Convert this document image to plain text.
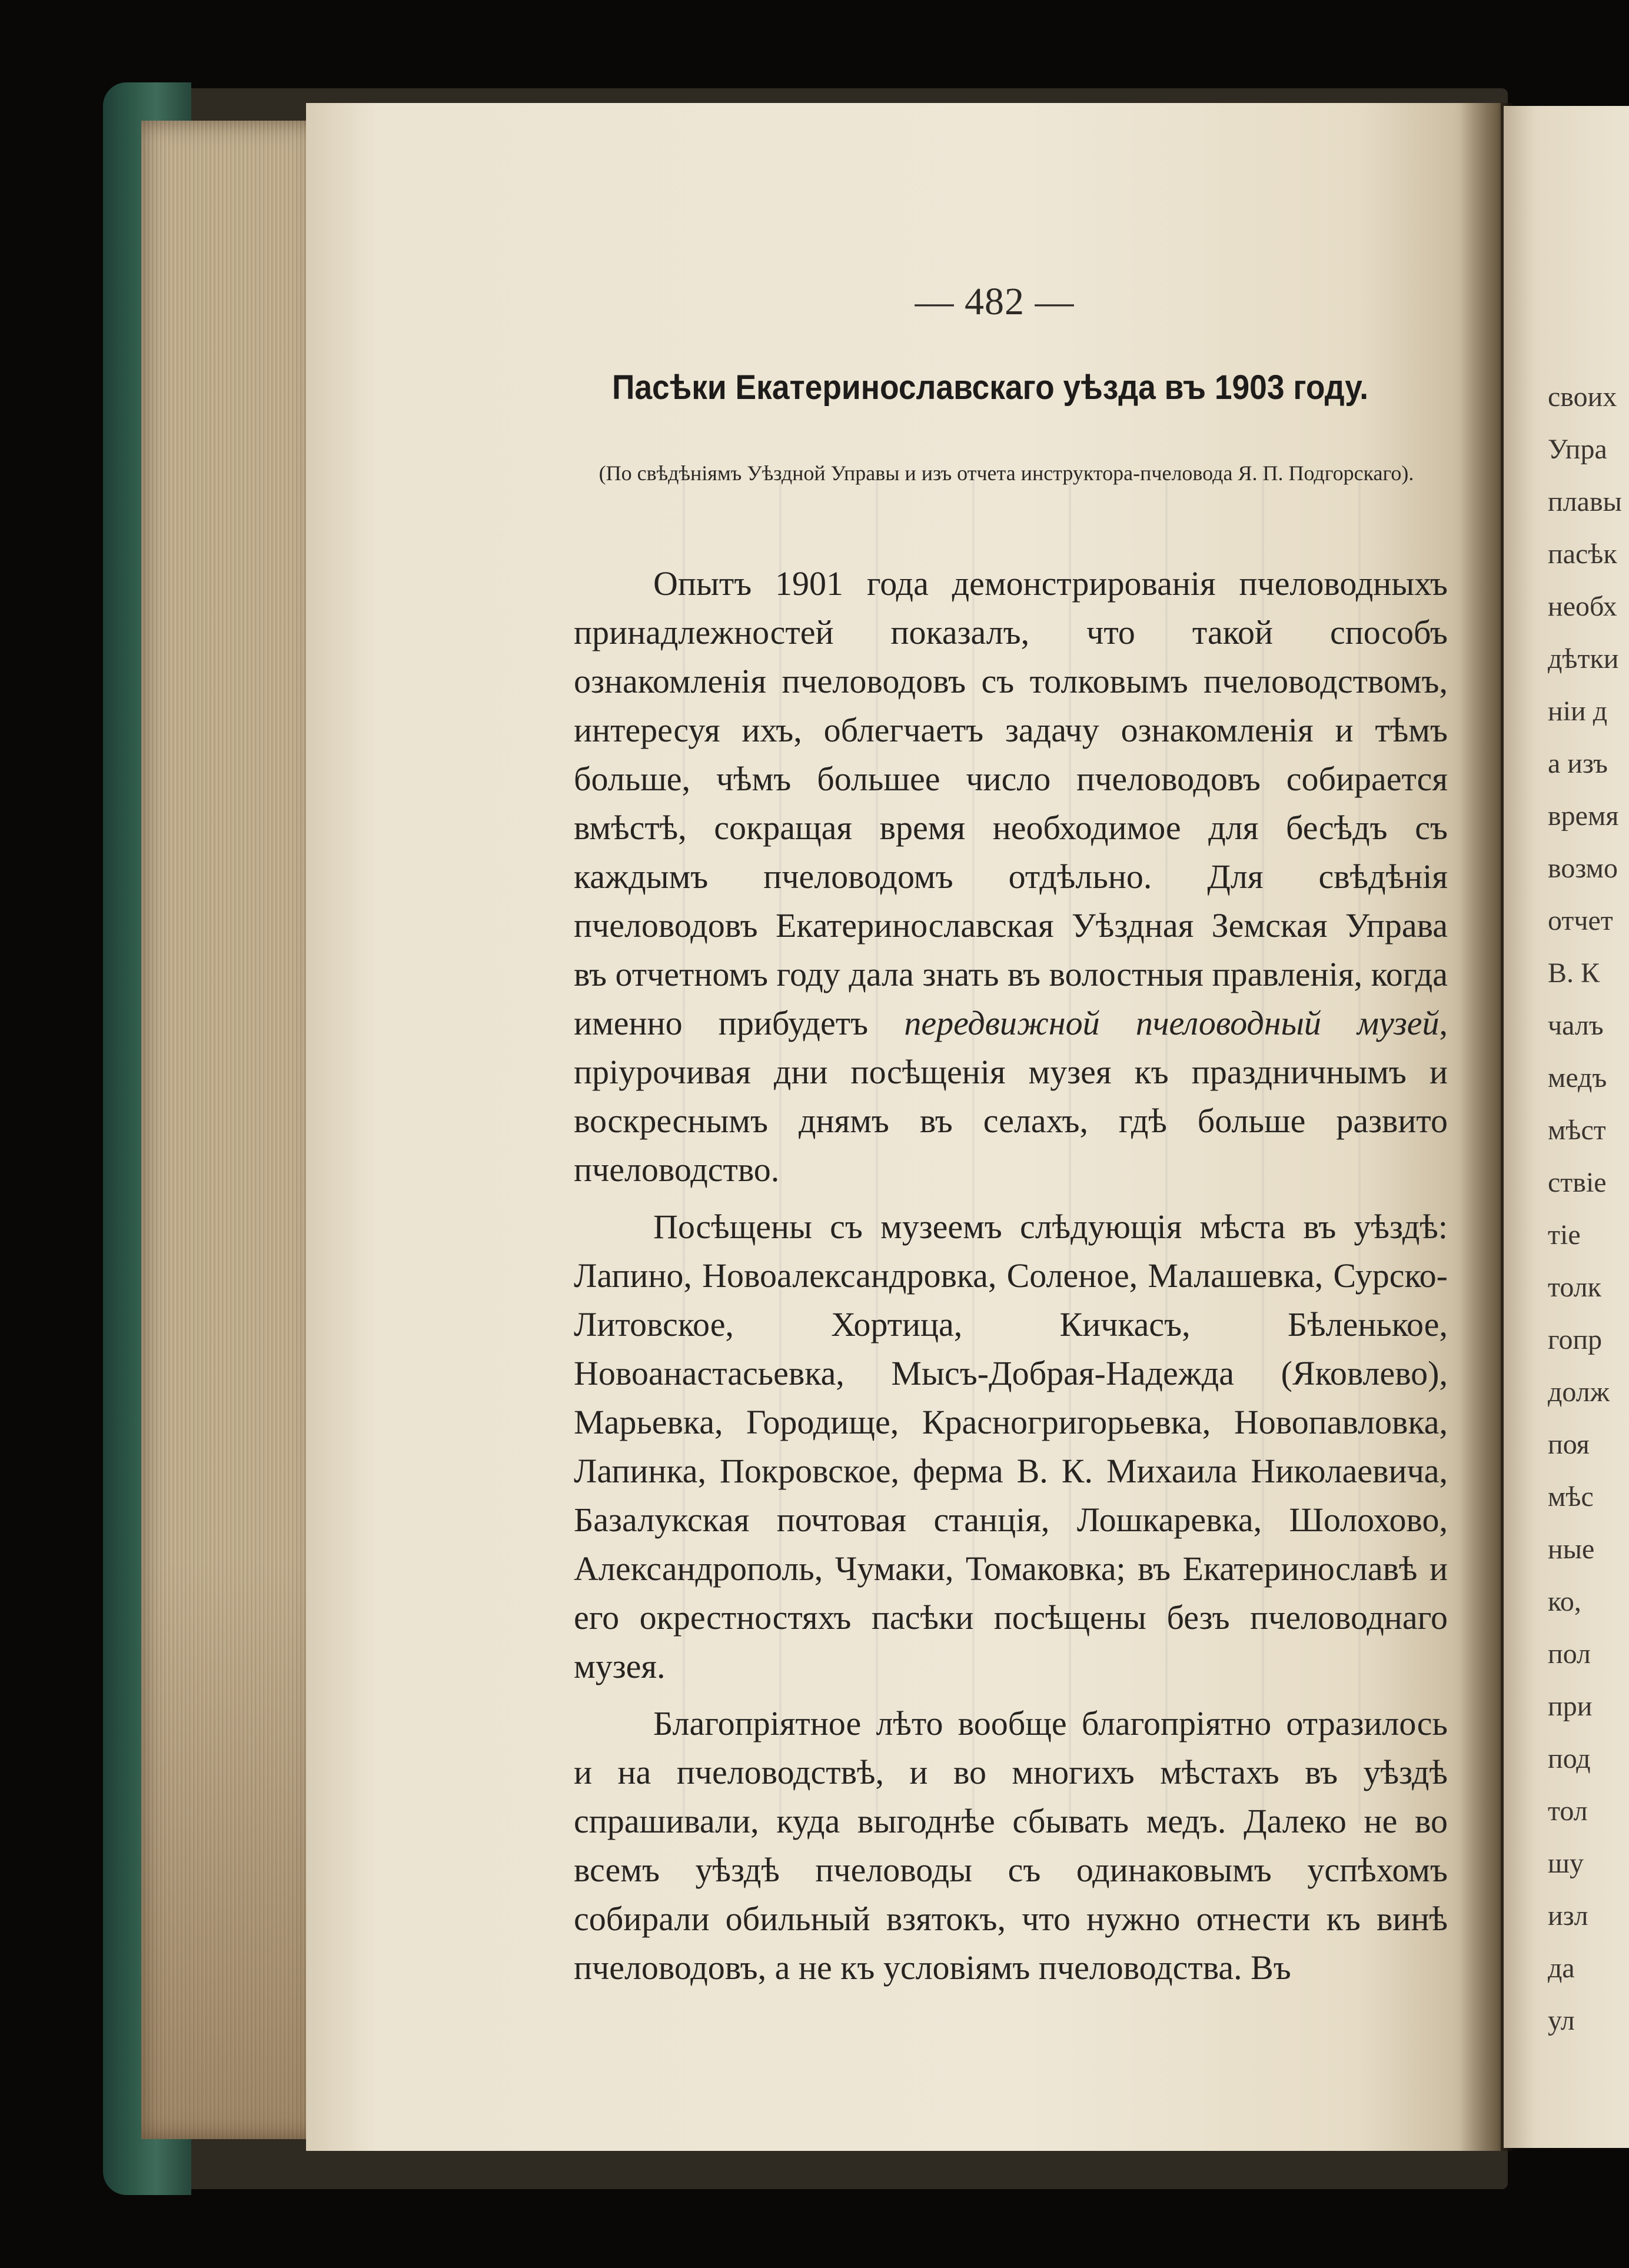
своих
Упра
плавы
пасѣк
необх
дѣтки
ніи д
а изъ
время
возмо
отчет
В. К
чалъ
медъ
мѣст
ствіе
тіе
толк
гопр
долж
поя
мѣс
ные
ко,
пол
при
под
тол
шу
изл
да
ул
— 482 —
Пасѣки Екатеринославскаго уѣзда въ 1903 году.
(По свѣдѣніямъ Уѣздной Управы и изъ отчета инструктора-пчеловода Я. П. Подгорскаго).

Опытъ 1901 года демонстрированія пчеловодныхъ принадлежностей показалъ, что такой способъ ознакомленія пчеловодовъ съ толковымъ пчеловодствомъ, интересуя ихъ, облегчаетъ задачу ознакомленія и тѣмъ больше, чѣмъ большее число пчеловодовъ собирается вмѣстѣ, сокращая время необходимое для бесѣдъ съ каждымъ пчеловодомъ отдѣльно. Для свѣдѣнія пчеловодовъ Екатеринославская Уѣздная Земская Управа въ отчетномъ году дала знать въ волостныя правленія, когда именно прибудетъ передвижной пчеловодный музей, пріурочивая дни посѣщенія музея къ праздничнымъ и воскреснымъ днямъ въ селахъ, гдѣ больше развито пчеловодство.

Посѣщены съ музеемъ слѣдующія мѣста въ уѣздѣ: Лапино, Новоалександровка, Соленое, Малашевка, Сурско-Литовское, Хортица, Кичкасъ, Бѣленькое, Новоанастасьевка, Мысъ-Добрая-Надежда (Яковлево), Марьевка, Городище, Красногригорьевка, Новопавловка, Лапинка, Покровское, ферма В. К. Михаила Николаевича, Базалукская почтовая станція, Лошкаревка, Шолохово, Александрополь, Чумаки, Томаковка; въ Екатеринославѣ и его окрестностяхъ пасѣки посѣщены безъ пчеловоднаго музея.

Благопріятное лѣто вообще благопріятно отразилось и на пчеловодствѣ, и во многихъ мѣстахъ въ уѣздѣ спрашивали, куда выгоднѣе сбывать медъ. Далеко не во всемъ уѣздѣ пчеловоды съ одинаковымъ успѣхомъ собирали обильный взятокъ, что нужно отнести къ винѣ пчеловодовъ, а не къ условіямъ пчеловодства. Въ
